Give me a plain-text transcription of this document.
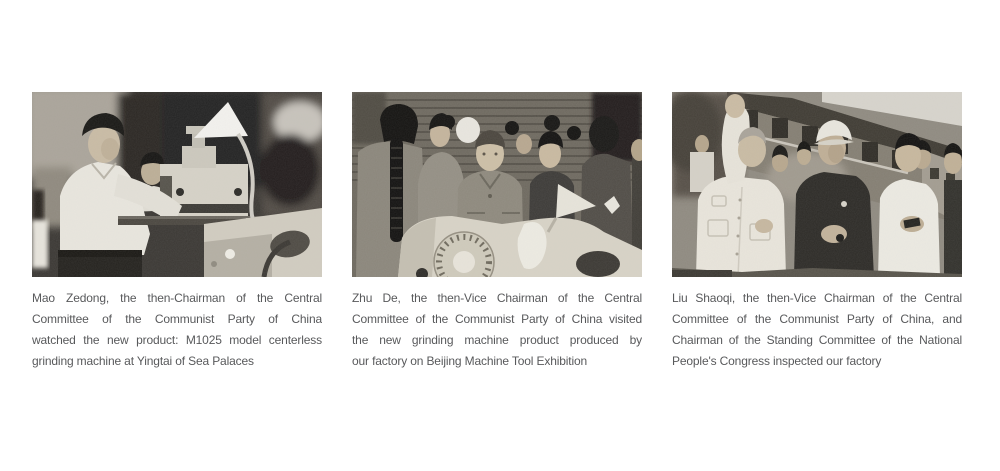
Mao Zedong, the then-Chairman of the Central
Committee of the Communist Party of China
watched the new product: M1025 model centerless
grinding machine at Yingtai of Sea Palaces
Zhu De, the then-Vice Chairman of the Central
Committee of the Communist Party of China visited
the new grinding machine product produced by
our factory on Beijing Machine Tool Exhibition
Liu Shaoqi, the then-Vice Chairman of the Central
Committee of the Communist Party of China, and
Chairman of the Standing Committee of the National
People's Congress inspected our factory
